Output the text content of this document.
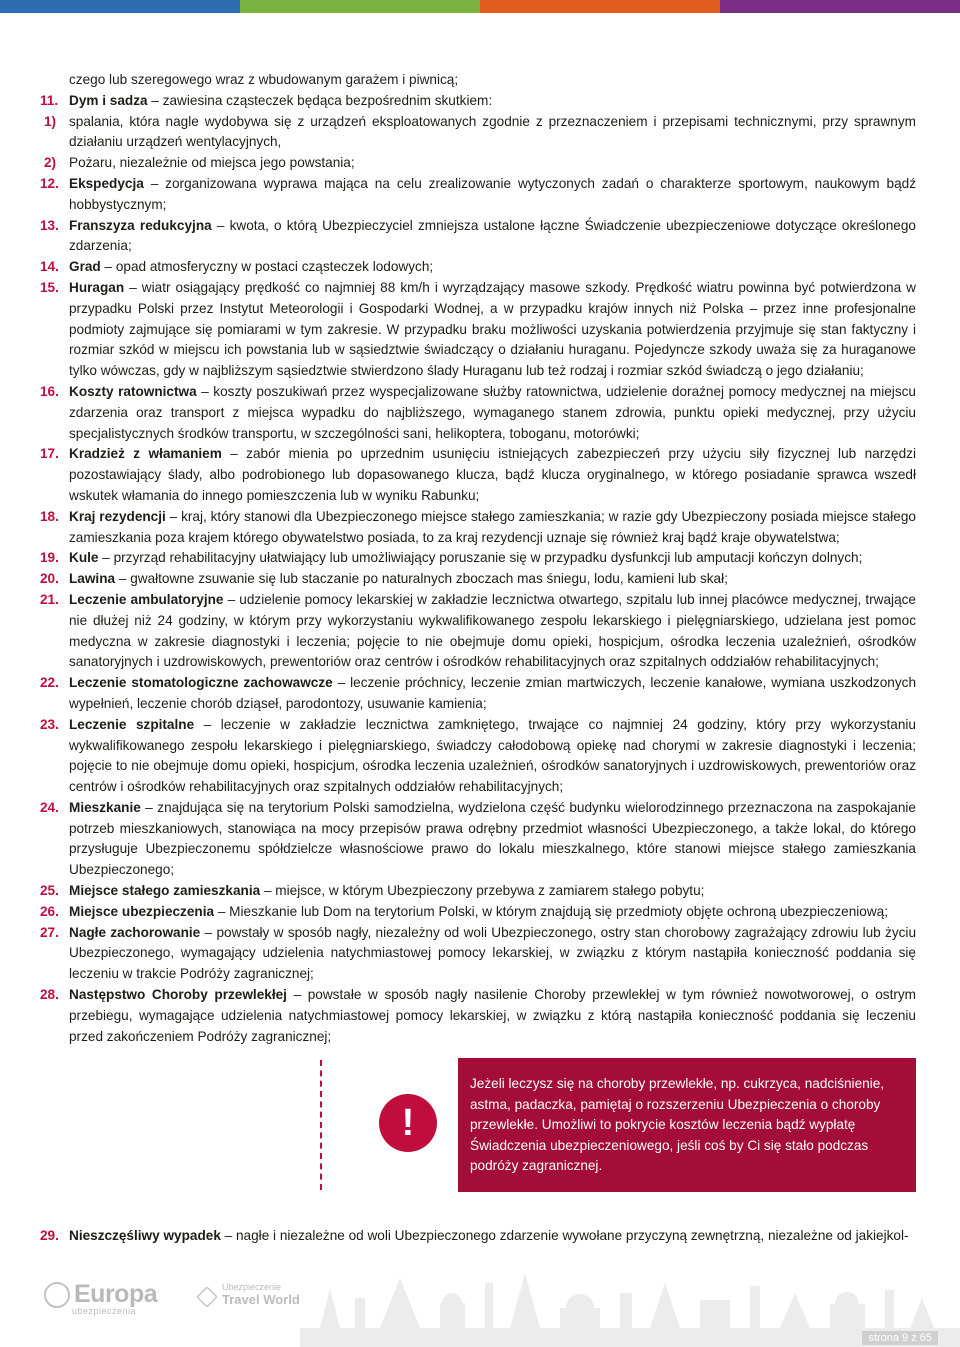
czego lub szeregowego wraz z wbudowanym garażem i piwnicą;

11. Dym i sadza – zawiesina cząsteczek będąca bezpośrednim skutkiem:

1) spalania, która nagle wydobywa się z urządzeń eksploatowanych zgodnie z przeznaczeniem i przepisami technicznymi, przy sprawnym działaniu urządzeń wentylacyjnych,

2) Pożaru, niezależnie od miejsca jego powstania;

12. Ekspedycja – zorganizowana wyprawa mająca na celu zrealizowanie wytyczonych zadań o charakterze sportowym, naukowym bądź hobbystycznym;

13. Franszyza redukcyjna – kwota, o którą Ubezpieczyciel zmniejsza ustalone łączne Świadczenie ubezpieczeniowe dotyczące określonego zdarzenia;

14. Grad – opad atmosferyczny w postaci cząsteczek lodowych;

15. Huragan – wiatr osiągający prędkość co najmniej 88 km/h i wyrządzający masowe szkody. Prędkość wiatru powinna być potwierdzona w przypadku Polski przez Instytut Meteorologii i Gospodarki Wodnej, a w przypadku krajów innych niż Polska – przez inne profesjonalne podmioty zajmujące się pomiarami w tym zakresie. W przypadku braku możliwości uzyskania potwierdzenia przyjmuje się stan faktyczny i rozmiar szkód w miejscu ich powstania lub w sąsiedztwie świadczący o działaniu huraganu. Pojedyncze szkody uważa się za huraganowe tylko wówczas, gdy w najbliższym sąsiedztwie stwierdzono ślady Huraganu lub też rodzaj i rozmiar szkód świadczą o jego działaniu;

16. Koszty ratownictwa – koszty poszukiwań przez wyspecjalizowane służby ratownictwa, udzielenie doraźnej pomocy medycznej na miejscu zdarzenia oraz transport z miejsca wypadku do najbliższego, wymaganego stanem zdrowia, punktu opieki medycznej, przy użyciu specjalistycznych środków transportu, w szczególności sani, helikoptera, toboganu, motorówki;

17. Kradzież z włamaniem – zabór mienia po uprzednim usunięciu istniejących zabezpieczeń przy użyciu siły fizycznej lub narzędzi pozostawiający ślady, albo podrobionego lub dopasowanego klucza, bądź klucza oryginalnego, w którego posiadanie sprawca wszedł wskutek włamania do innego pomieszczenia lub w wyniku Rabunku;

18. Kraj rezydencji – kraj, który stanowi dla Ubezpieczonego miejsce stałego zamieszkania; w razie gdy Ubezpieczony posiada miejsce stałego zamieszkania poza krajem którego obywatelstwo posiada, to za kraj rezydencji uznaje się również kraj bądź kraje obywatelstwa;

19. Kule – przyrząd rehabilitacyjny ułatwiający lub umożliwiający poruszanie się w przypadku dysfunkcji lub amputacji kończyn dolnych;

20. Lawina – gwałtowne zsuwanie się lub staczanie po naturalnych zboczach mas śniegu, lodu, kamieni lub skał;

21. Leczenie ambulatoryjne – udzielenie pomocy lekarskiej w zakładzie lecznictwa otwartego, szpitalu lub innej placówce medycznej, trwające nie dłużej niż 24 godziny, w którym przy wykorzystaniu wykwalifikowanego zespołu lekarskiego i pielęgniarskiego, udzielana jest pomoc medyczna w zakresie diagnostyki i leczenia; pojęcie to nie obejmuje domu opieki, hospicjum, ośrodka leczenia uzależnień, ośrodków sanatoryjnych i uzdrowiskowych, prewentoriów oraz centrów i ośrodków rehabilitacyjnych oraz szpitalnych oddziałów rehabilitacyjnych;

22. Leczenie stomatologiczne zachowawcze – leczenie próchnicy, leczenie zmian martwiczych, leczenie kanałowe, wymiana uszkodzonych wypełnień, leczenie chorób dziąseł, parodontozy, usuwanie kamienia;

23. Leczenie szpitalne – leczenie w zakładzie lecznictwa zamkniętego, trwające co najmniej 24 godziny, który przy wykorzystaniu wykwalifikowanego zespołu lekarskiego i pielęgniarskiego, świadczy całodobową opiekę nad chorymi w zakresie diagnostyki i leczenia; pojęcie to nie obejmuje domu opieki, hospicjum, ośrodka leczenia uzależnień, ośrodków sanatoryjnych i uzdrowiskowych, prewentoriów oraz centrów i ośrodków rehabilitacyjnych oraz szpitalnych oddziałów rehabilitacyjnych;

24. Mieszkanie – znajdująca się na terytorium Polski samodzielna, wydzielona część budynku wielorodzinnego przeznaczona na zaspokajanie potrzeb mieszkaniowych, stanowiąca na mocy przepisów prawa odrębny przedmiot własności Ubezpieczonego, a także lokal, do którego przysługuje Ubezpieczonemu spółdzielcze własnościowe prawo do lokalu mieszkalnego, które stanowi miejsce stałego zamieszkania Ubezpieczonego;

25. Miejsce stałego zamieszkania – miejsce, w którym Ubezpieczony przebywa z zamiarem stałego pobytu;

26. Miejsce ubezpieczenia – Mieszkanie lub Dom na terytorium Polski, w którym znajdują się przedmioty objęte ochroną ubezpieczeniową;

27. Nagłe zachorowanie – powstały w sposób nagły, niezależny od woli Ubezpieczonego, ostry stan chorobowy zagrażający zdrowiu lub życiu Ubezpieczonego, wymagający udzielenia natychmiastowej pomocy lekarskiej, w związku z którym nastąpiła konieczność poddania się leczeniu w trakcie Podróży zagranicznej;

28. Następstwo Choroby przewlekłej – powstałe w sposób nagły nasilenie Choroby przewlekłej w tym również nowotworowej, o ostrym przebiegu, wymagające udzielenia natychmiastowej pomocy lekarskiej, w związku z którą nastąpiła konieczność poddania się leczeniu przed zakończeniem Podróży zagranicznej;

!
Jeżeli leczysz się na choroby przewlekłe, np. cukrzyca, nadciśnienie, astma, padaczka, pamiętaj o rozszerzeniu Ubezpieczenia o choroby przewlekłe. Umożliwi to pokrycie kosztów leczenia bądź wypłatę Świadczenia ubezpieczeniowego, jeśli coś by Ci się stało podczas podróży zagranicznej.

29. Nieszczęśliwy wypadek – nagłe i niezależne od woli Ubezpieczonego zdarzenie wywołane przyczyną zewnętrzną, niezależne od jakiejkol-

Europa
ubezpieczenia
Ubezpieczenie
Travel World
strona 9 z 65
